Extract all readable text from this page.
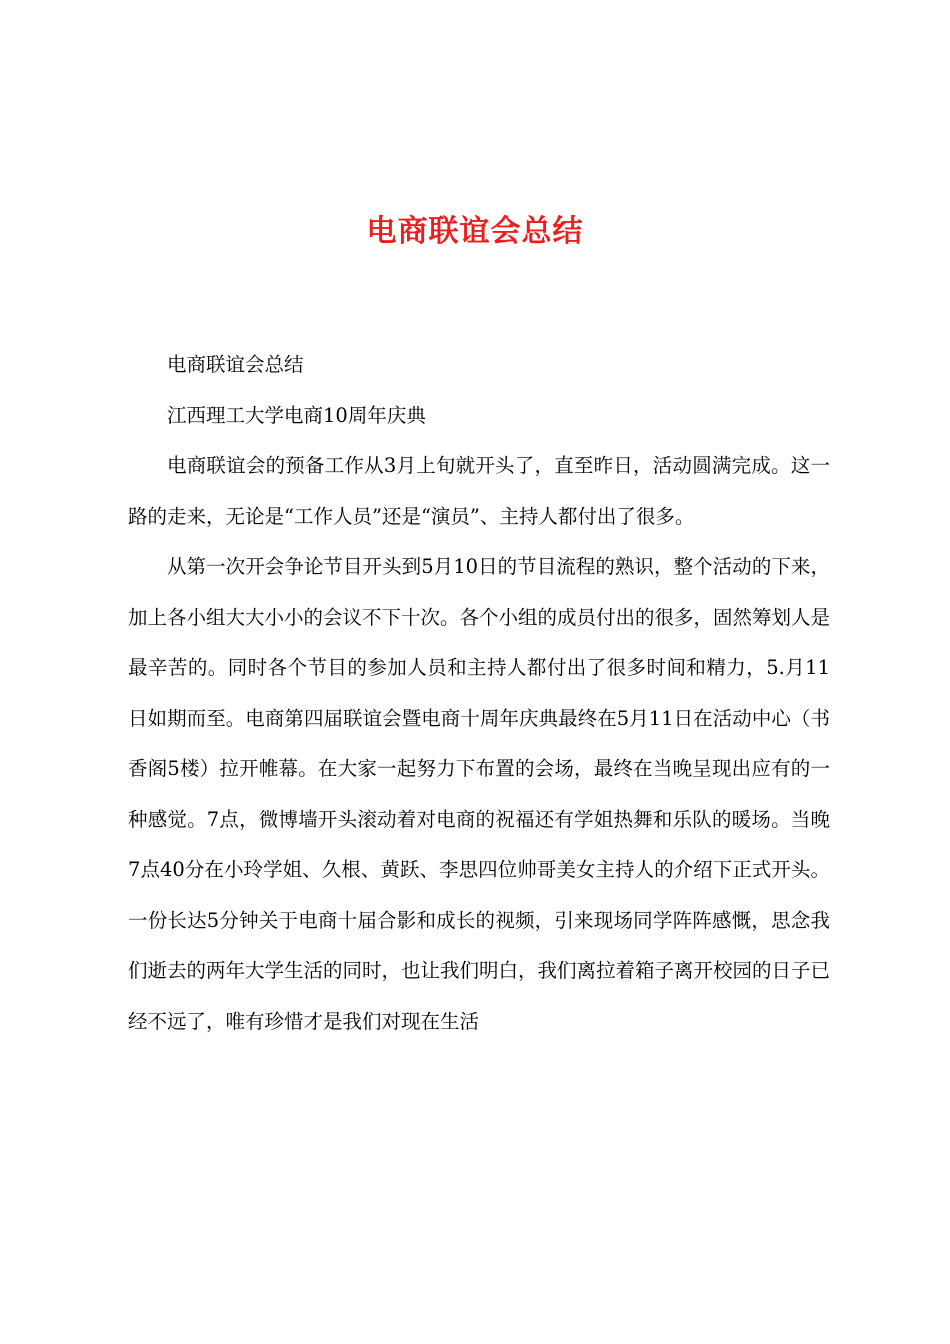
电商联谊会总结

电商联谊会总结

江西理工大学电商10周年庆典

电商联谊会的预备工作从3月上旬就开头了，直至昨日，活动圆满完成。这一路的走来，无论是“工作人员”还是“演员”、主持人都付出了很多。

从第一次开会争论节目开头到5月10日的节目流程的熟识，整个活动的下来，加上各小组大大小小的会议不下十次。各个小组的成员付出的很多，固然筹划人是最辛苦的。同时各个节目的参加人员和主持人都付出了很多时间和精力，5.月11日如期而至。电商第四届联谊会暨电商十周年庆典最终在5月11日在活动中心（书香阁5楼）拉开帷幕。在大家一起努力下布置的会场，最终在当晚呈现出应有的一种感觉。7点，微博墙开头滚动着对电商的祝福还有学姐热舞和乐队的暖场。当晚7点40分在小玲学姐、久根、黄跃、李思四位帅哥美女主持人的介绍下正式开头。一份长达5分钟关于电商十届合影和成长的视频，引来现场同学阵阵感慨，思念我们逝去的两年大学生活的同时，也让我们明白，我们离拉着箱子离开校园的日子已经不远了，唯有珍惜才是我们对现在生活
